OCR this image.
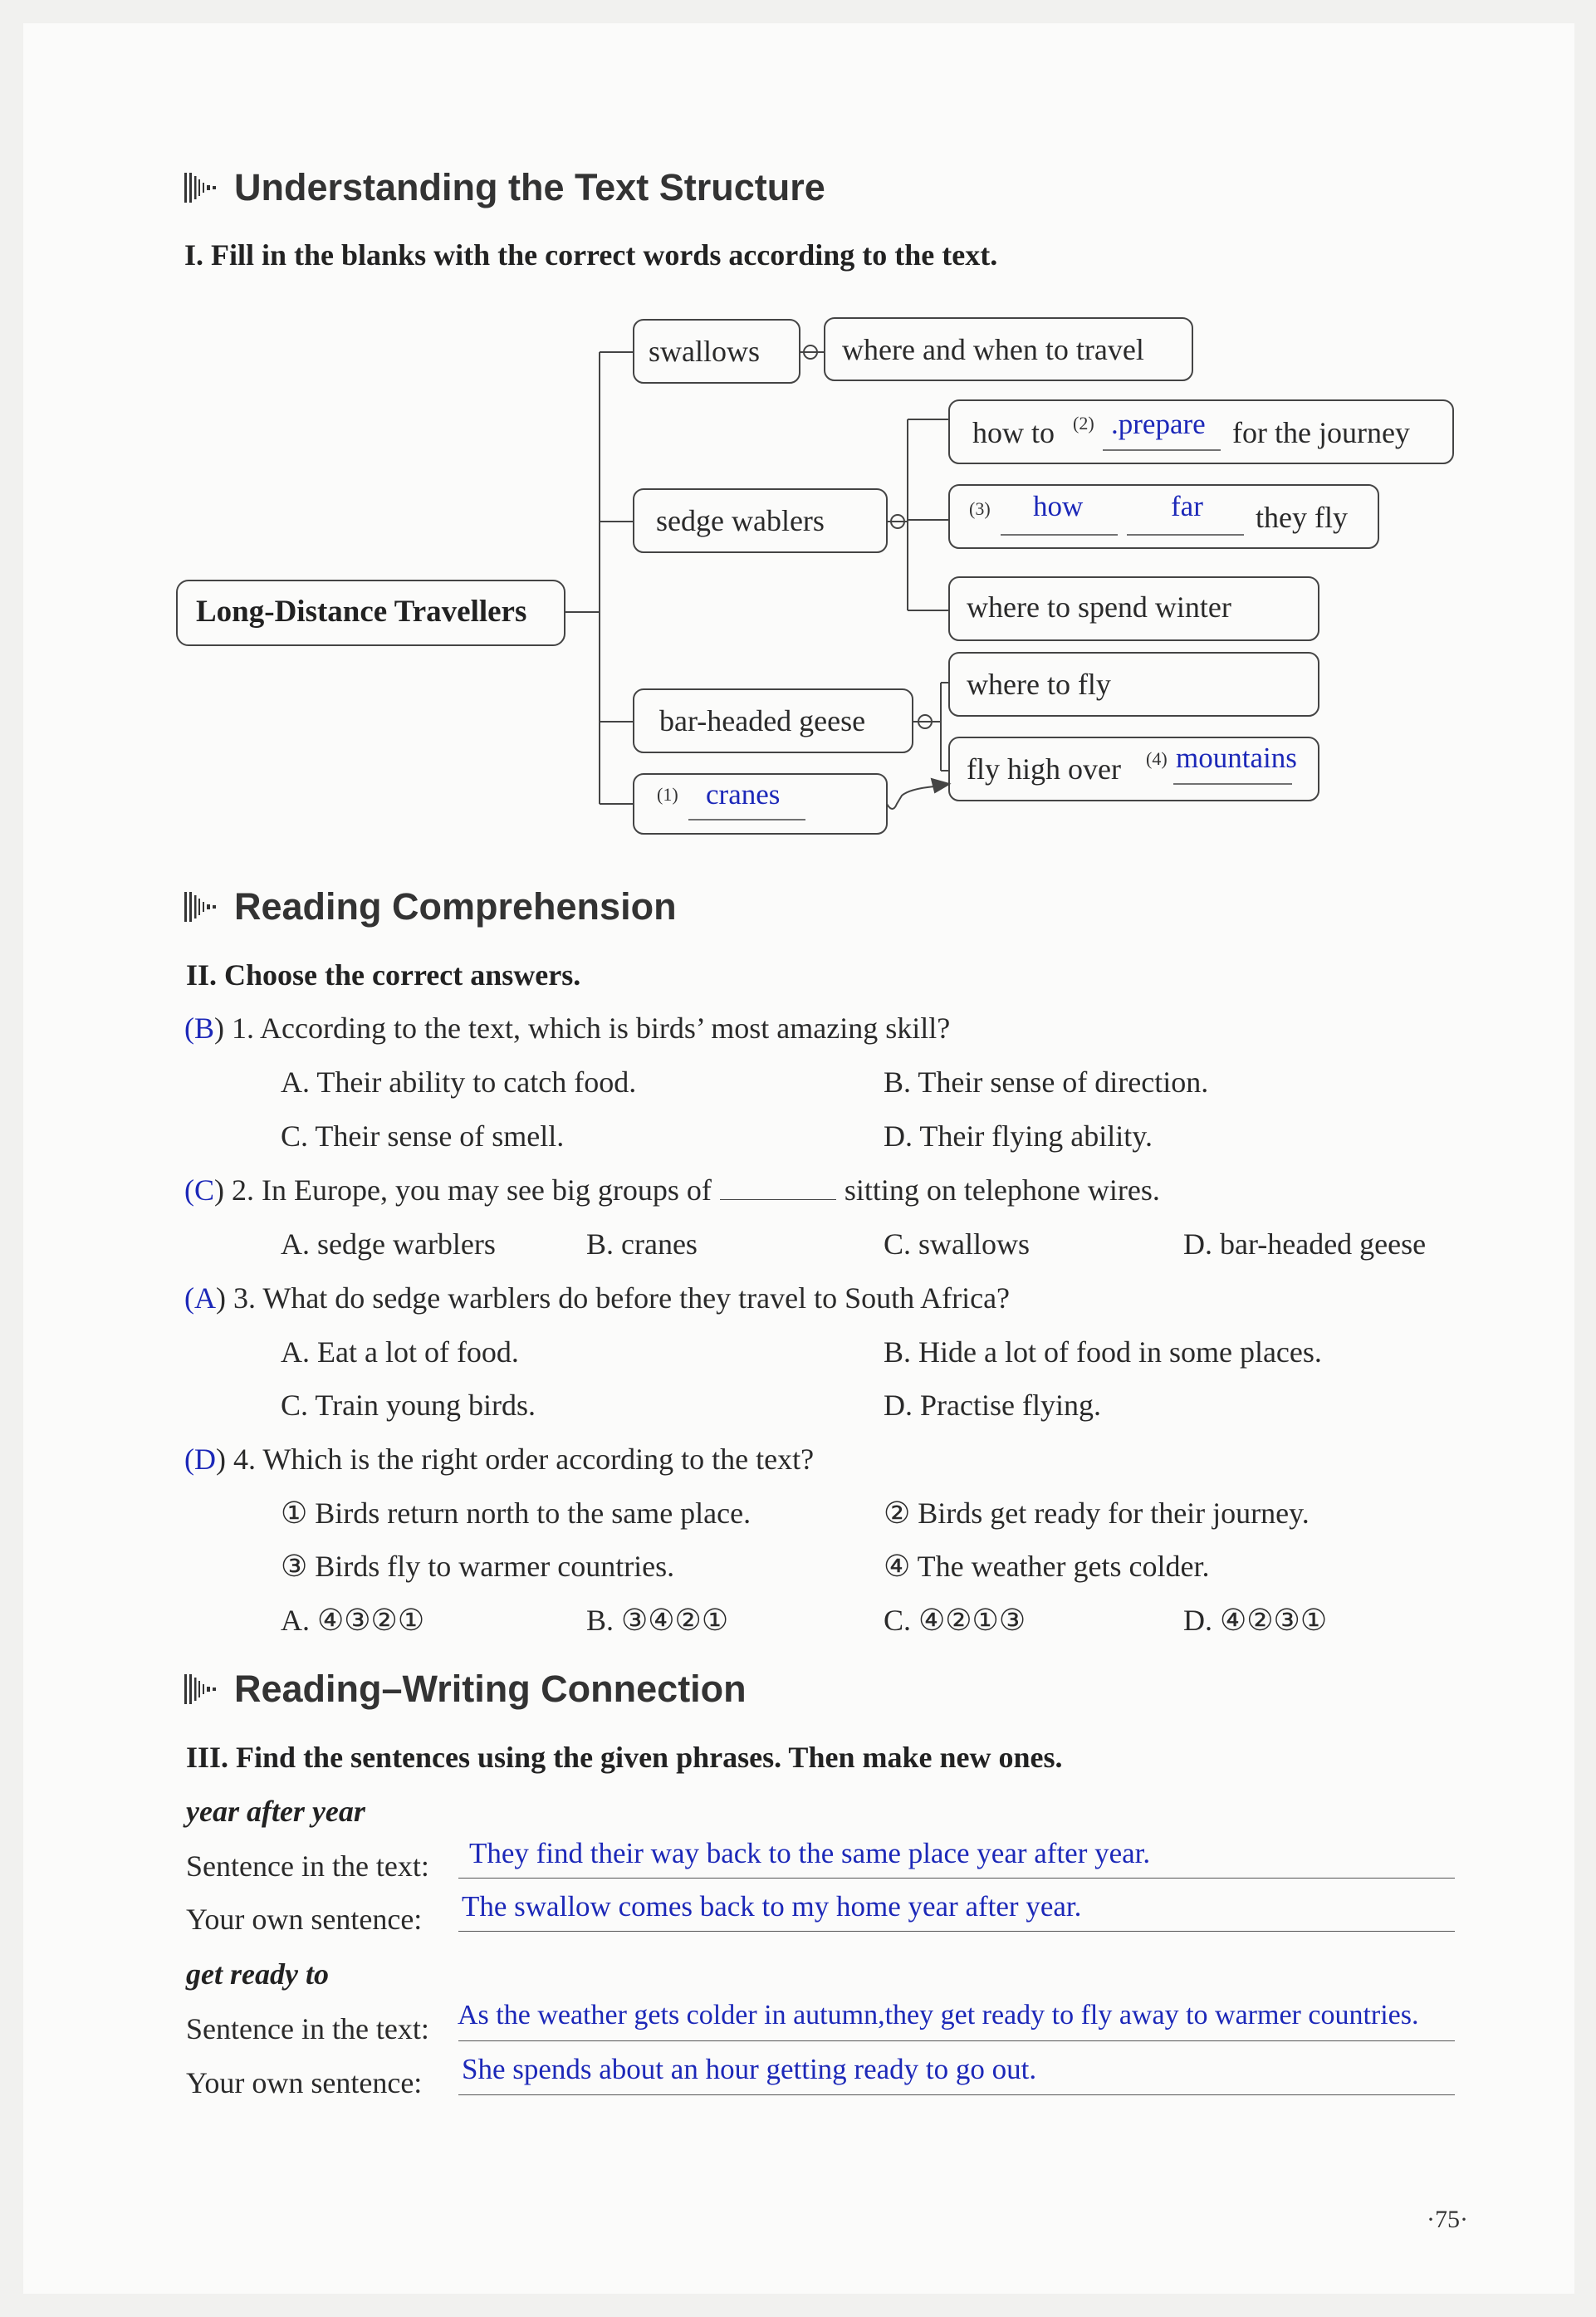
Understanding the Text Structure
I. Fill in the blanks with the correct words according to the text.
Long-Distance Travellers
swallows	where and when to travel
sedge wablers
how to (2) .prepare for the journey
(3) how	far they fly
where to spend winter
bar-headed geese
where to fly
fly high over (4) mountains
(1) cranes
Reading Comprehension
II. Choose the correct answers.
(B) 1. According to the text, which is birds’ most amazing skill?
A. Their ability to catch food.	B. Their sense of direction.
C. Their sense of smell.	D. Their flying ability.
(C) 2. In Europe, you may see big groups of	sitting on telephone wires.
A. sedge warblers	B. cranes	C. swallows	D. bar-headed geese
(A) 3. What do sedge warblers do before they travel to South Africa?
A. Eat a lot of food.	B. Hide a lot of food in some places.
C. Train young birds.	D. Practise flying.
(D) 4. Which is the right order according to the text?
① Birds return north to the same place.	② Birds get ready for their journey.
③ Birds fly to warmer countries.	④ The weather gets colder.
A. ④③②①	B. ③④②①	C. ④②①③	D. ④②③①
Reading–Writing Connection
III. Find the sentences using the given phrases. Then make new ones.
year after year
Sentence in the text: They find their way back to the same place year after year.
Your own sentence: The swallow comes back to my home year after year.
get ready to
Sentence in the text: As the weather gets colder in autumn,they get ready to fly away to warmer countries.
Your own sentence: She spends about an hour getting ready to go out.
·75·
